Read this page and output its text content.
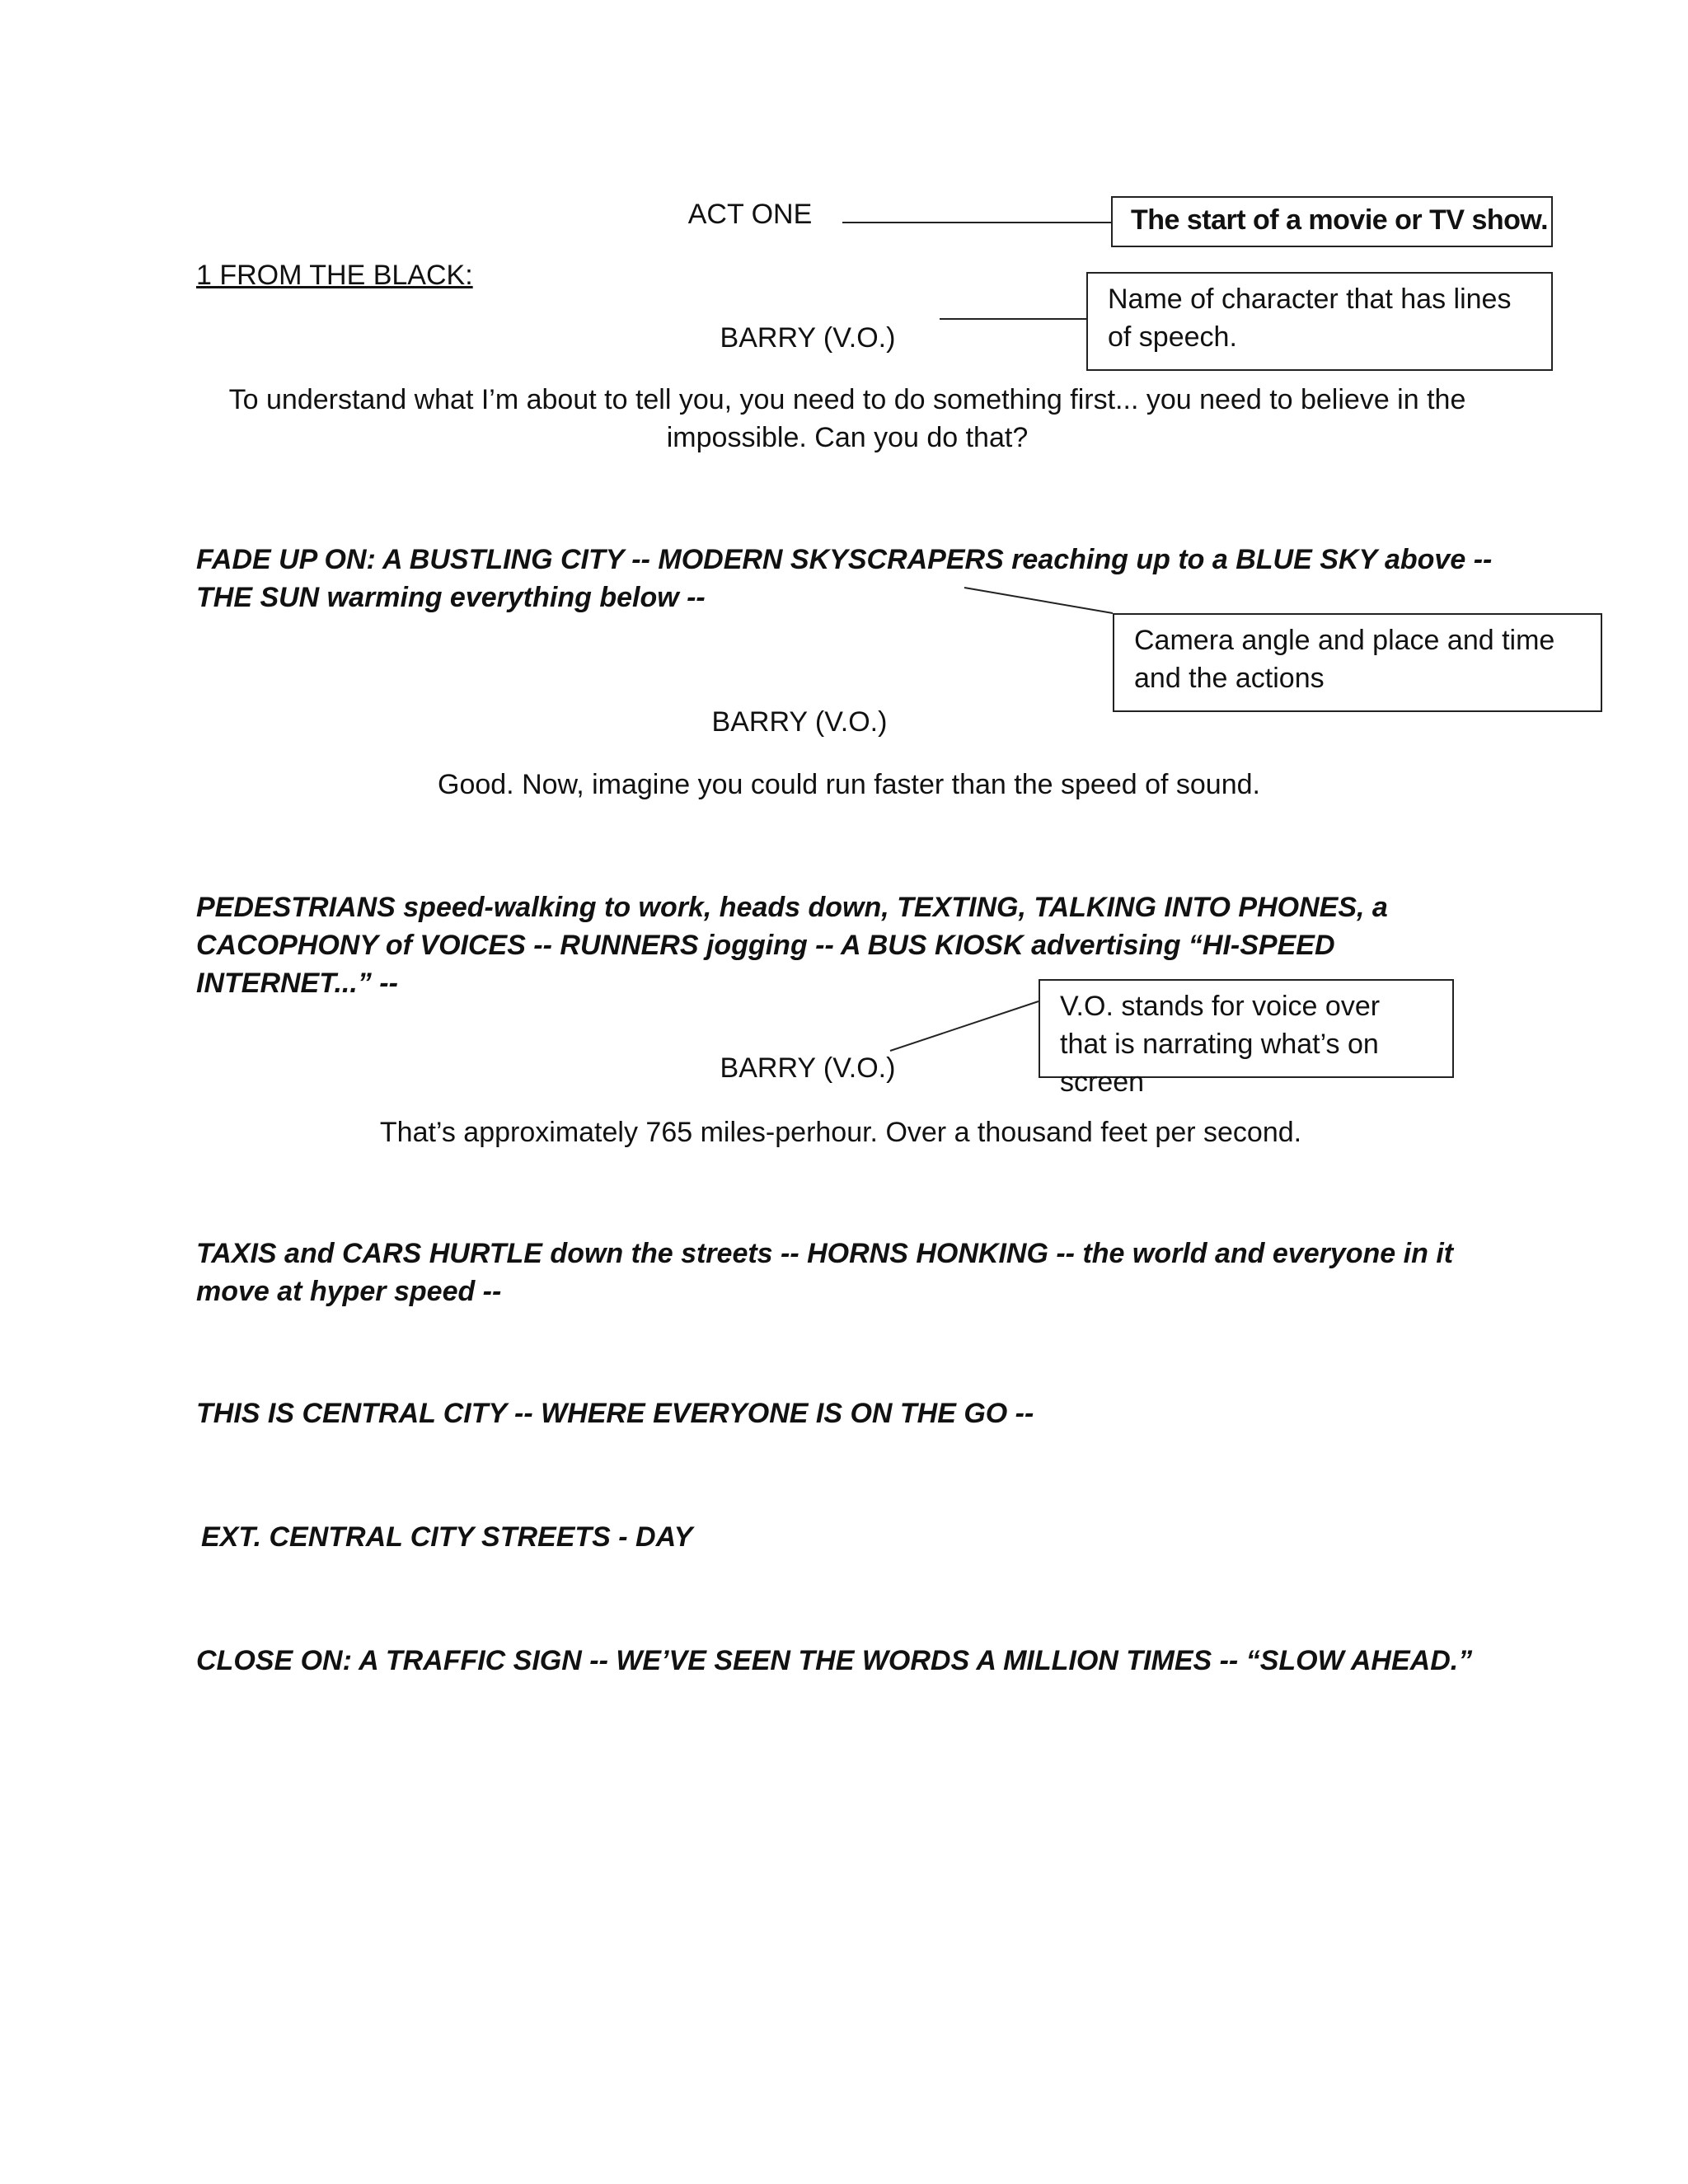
ACT ONE
1 FROM THE BLACK:
BARRY (V.O.)
To understand what I’m about to tell you, you need to do something first... you need to believe in the impossible. Can you do that?
FADE UP ON: A BUSTLING CITY -- MODERN SKYSCRAPERS reaching up to a BLUE SKY above -- THE SUN warming everything below --
BARRY (V.O.)
Good. Now, imagine you could run faster than the speed of sound.
PEDESTRIANS speed-walking to work, heads down, TEXTING, TALKING INTO PHONES, a CACOPHONY of VOICES -- RUNNERS jogging -- A BUS KIOSK advertising “HI-SPEED INTERNET...” --
BARRY (V.O.)
That’s approximately 765 miles-perhour. Over a thousand feet per second.
TAXIS and CARS HURTLE down the streets -- HORNS HONKING -- the world and everyone in it move at hyper speed --
THIS IS CENTRAL CITY -- WHERE EVERYONE IS ON THE GO --
EXT. CENTRAL CITY STREETS - DAY
CLOSE ON: A TRAFFIC SIGN -- WE’VE SEEN THE WORDS A MILLION TIMES -- “SLOW AHEAD.”
The start of a movie or TV show.
Name of character that has lines of speech.
Camera angle and place and time and the actions
V.O. stands for voice over that is narrating what’s on screen
